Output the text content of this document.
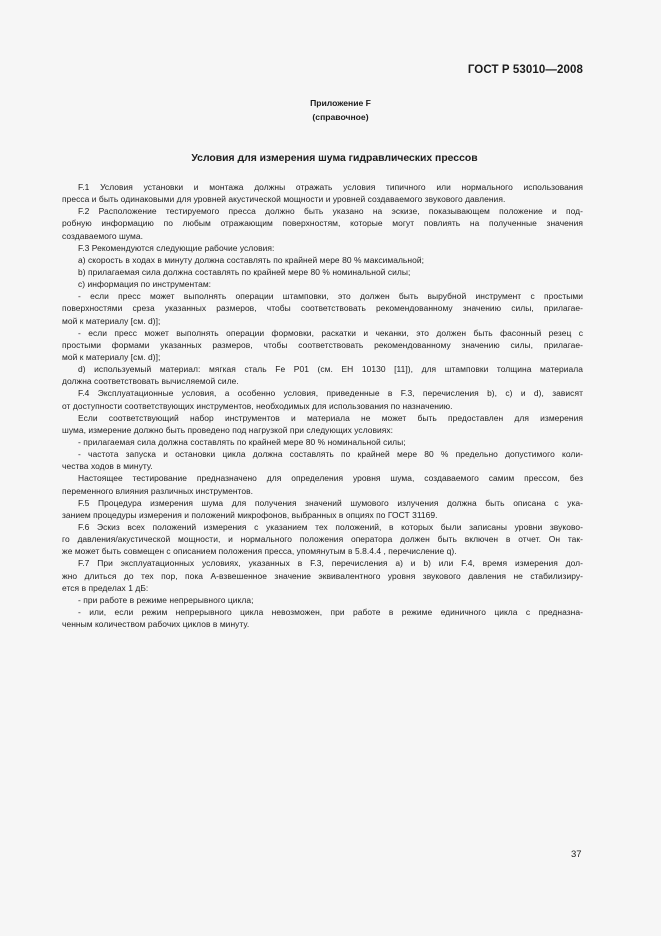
ГОСТ Р 53010—2008
Приложение F
(справочное)
Условия для измерения шума гидравлических прессов
F.1 Условия установки и монтажа должны отражать условия типичного или нормального использования
пресса и быть одинаковыми для уровней акустической мощности и уровней создаваемого звукового давления.
F.2 Расположение тестируемого пресса должно быть указано на эскизе, показывающем положение и под-
робную информацию по любым отражающим поверхностям, которые могут повлиять на полученные значения
создаваемого шума.
F.3 Рекомендуются следующие рабочие условия:
a) скорость в ходах в минуту должна составлять по крайней мере 80 % максимальной;
b) прилагаемая сила должна составлять по крайней мере 80 % номинальной силы;
c) информация по инструментам:
- если пресс может выполнять операции штамповки, это должен быть вырубной инструмент с простыми
поверхностями среза указанных размеров, чтобы соответствовать рекомендованному значению силы, прилагае-
мой к материалу [см. d)];
- если пресс может выполнять операции формовки, раскатки и чеканки, это должен быть фасонный резец с
простыми формами указанных размеров, чтобы соответствовать рекомендованному значению силы, прилагае-
мой к материалу [см. d)];
d) используемый материал: мягкая сталь Fe P01 (см. ЕН 10130 [11]), для штамповки толщина материала
должна соответствовать вычисляемой силе.
F.4 Эксплуатационные условия, а особенно условия, приведенные в F.3, перечисления b), c) и d), зависят
от доступности соответствующих инструментов, необходимых для использования по назначению.
Если соответствующий набор инструментов и материала не может быть предоставлен для измерения
шума, измерение должно быть проведено под нагрузкой при следующих условиях:
- прилагаемая сила должна составлять по крайней мере 80 % номинальной силы;
- частота запуска и остановки цикла должна составлять по крайней мере 80 % предельно допустимого коли-
чества ходов в минуту.
Настоящее тестирование предназначено для определения уровня шума, создаваемого самим прессом, без
переменного влияния различных инструментов.
F.5 Процедура измерения шума для получения значений шумового излучения должна быть описана с ука-
занием процедуры измерения и положений микрофонов, выбранных в опциях по ГОСТ 31169.
F.6 Эскиз всех положений измерения с указанием тех положений, в которых были записаны уровни звуково-
го давления/акустической мощности, и нормального положения оператора должен быть включен в отчет. Он так-
же может быть совмещен с описанием положения пресса, упомянутым в 5.8.4.4 , перечисление q).
F.7 При эксплуатационных условиях, указанных в F.3, перечисления a) и b) или F.4, время измерения дол-
жно длиться до тех пор, пока А-взвешенное значение эквивалентного уровня звукового давления не стабилизиру-
ется в пределах 1 дБ:
- при работе в режиме непрерывного цикла;
- или, если режим непрерывного цикла невозможен, при работе в режиме единичного цикла с предназна-
ченным количеством рабочих циклов в минуту.
37
